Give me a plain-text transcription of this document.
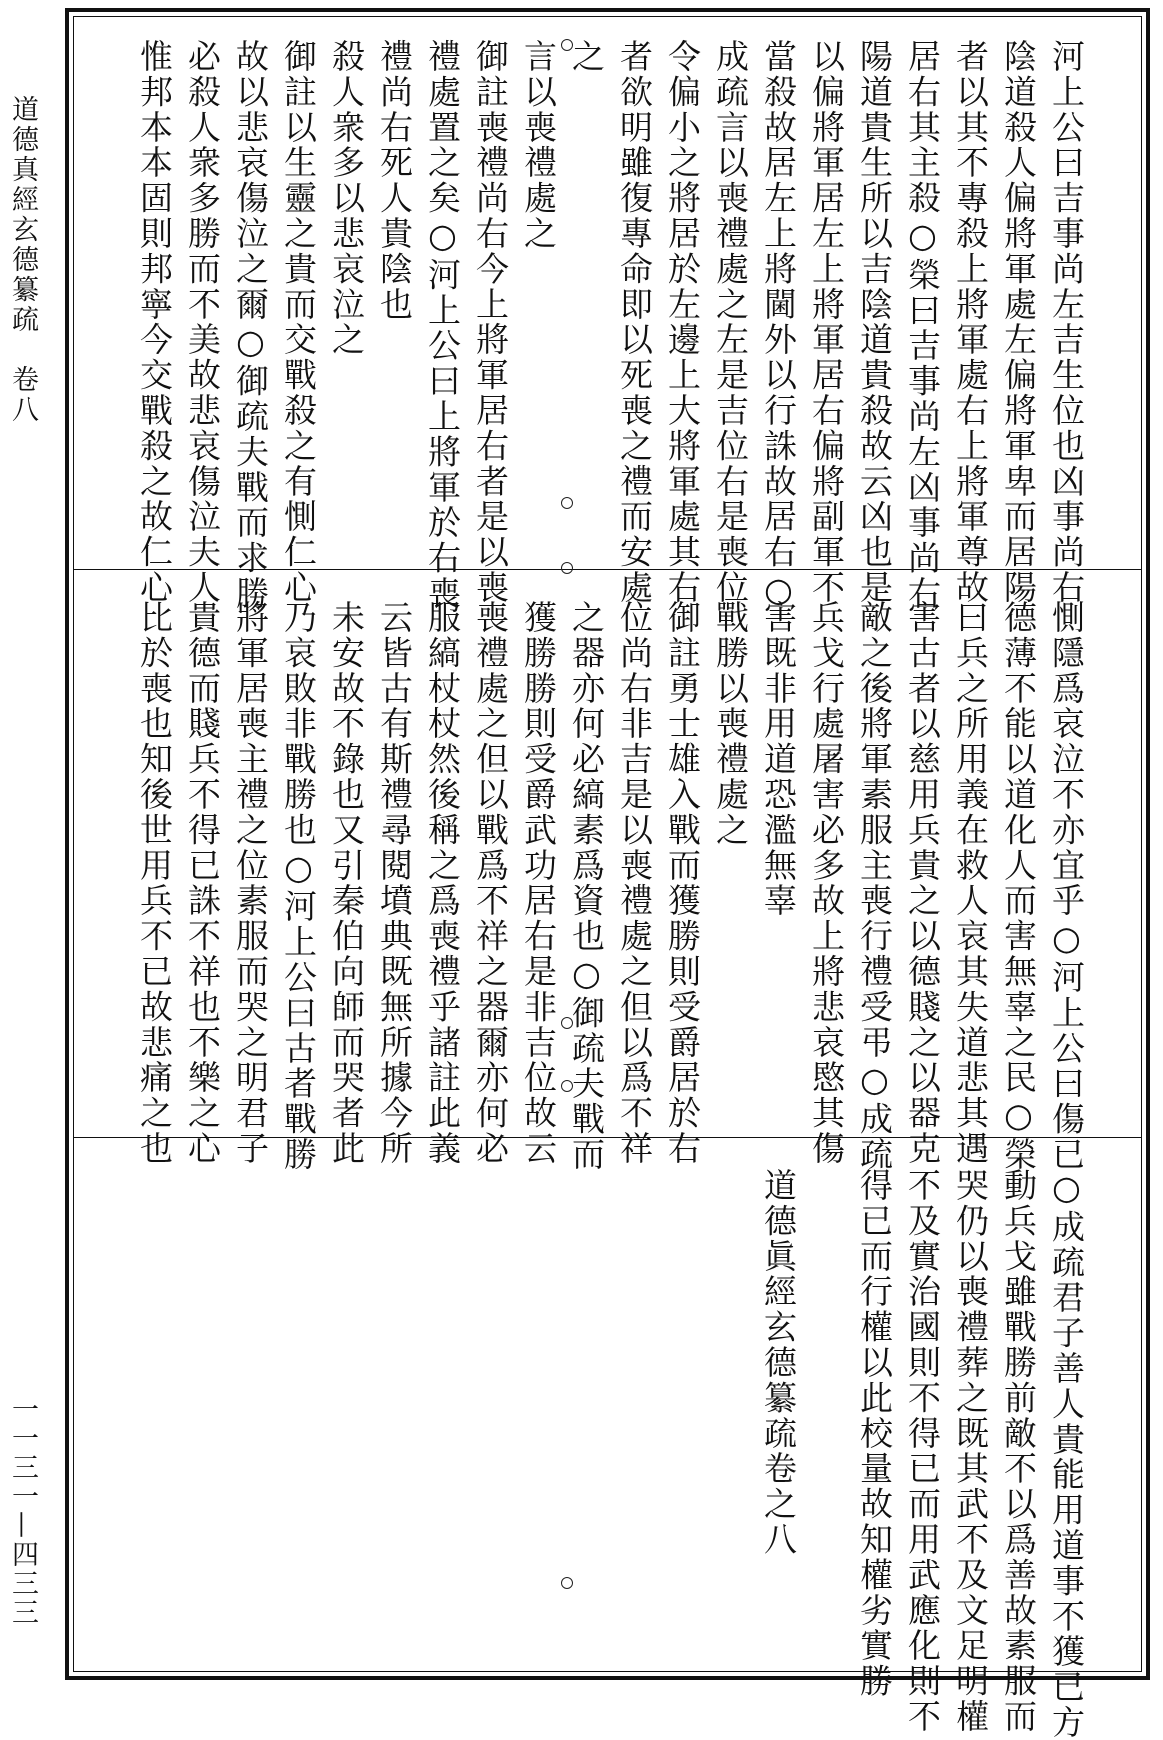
道德真經玄德纂疏　卷八
一一三一—四三三
河上公曰吉事尚左吉生位也凶事尚右
陰道殺人偏將軍處左偏將軍卑而居陽
者以其不專殺上將軍處右上將軍尊故
居右其主殺○榮曰吉事尚左凶事尚右
陽道貴生所以吉陰道貴殺故云凶也是
以偏將軍居左上將軍居右偏將副軍不
當殺故居左上將閫外以行誅故居右○
成疏言以喪禮處之左是吉位右是喪位
令偏小之將居於左邊上大將軍處其右
者欲明雖復專命即以死喪之禮而安處
之
言以喪禮處之
御註喪禮尚右今上將軍居右者是以喪
禮處置之矣○河上公曰上將軍於右喪
禮尚右死人貴陰也
殺人衆多以悲哀泣之
御註以生靈之貴而交戰殺之有惻仁心
故以悲哀傷泣之爾○御疏夫戰而求勝
必殺人衆多勝而不美故悲哀傷泣夫人
惟邦本本固則邦寧今交戰殺之故仁心
惻隱爲哀泣不亦宜乎○河上公曰傷已
德薄不能以道化人而害無辜之民○榮
曰兵之所用義在救人哀其失道悲其遇
害古者以慈用兵貴之以德賤之以器克
敵之後將軍素服主喪行禮受弔○成疏
兵戈行處屠害必多故上將悲哀愍其傷
害既非用道恐濫無辜
戰勝以喪禮處之
御註勇士雄入戰而獲勝則受爵居於右
位尚右非吉是以喪禮處之但以爲不祥
之器亦何必縞素爲資也○御疏夫戰而
獲勝勝則受爵武功居右是非吉位故云
喪禮處之但以戰爲不祥之器爾亦何必
服縞杖杖然後稱之爲喪禮乎諸註此義
云皆古有斯禮尋閱墳典既無所據今所
未安故不錄也又引秦伯向師而哭者此
乃哀敗非戰勝也○河上公曰古者戰勝
將軍居喪主禮之位素服而哭之明君子
貴德而賤兵不得已誅不祥也不樂之心
比於喪也知後世用兵不已故悲痛之也
○成疏君子善人貴能用道事不獲已方
動兵戈雖戰勝前敵不以爲善故素服而
哭仍以喪禮葬之既其武不及文足明權
不及實治國則不得已而用武應化則不
得已而行權以此校量故知權劣實勝
道德眞經玄德纂疏卷之八
